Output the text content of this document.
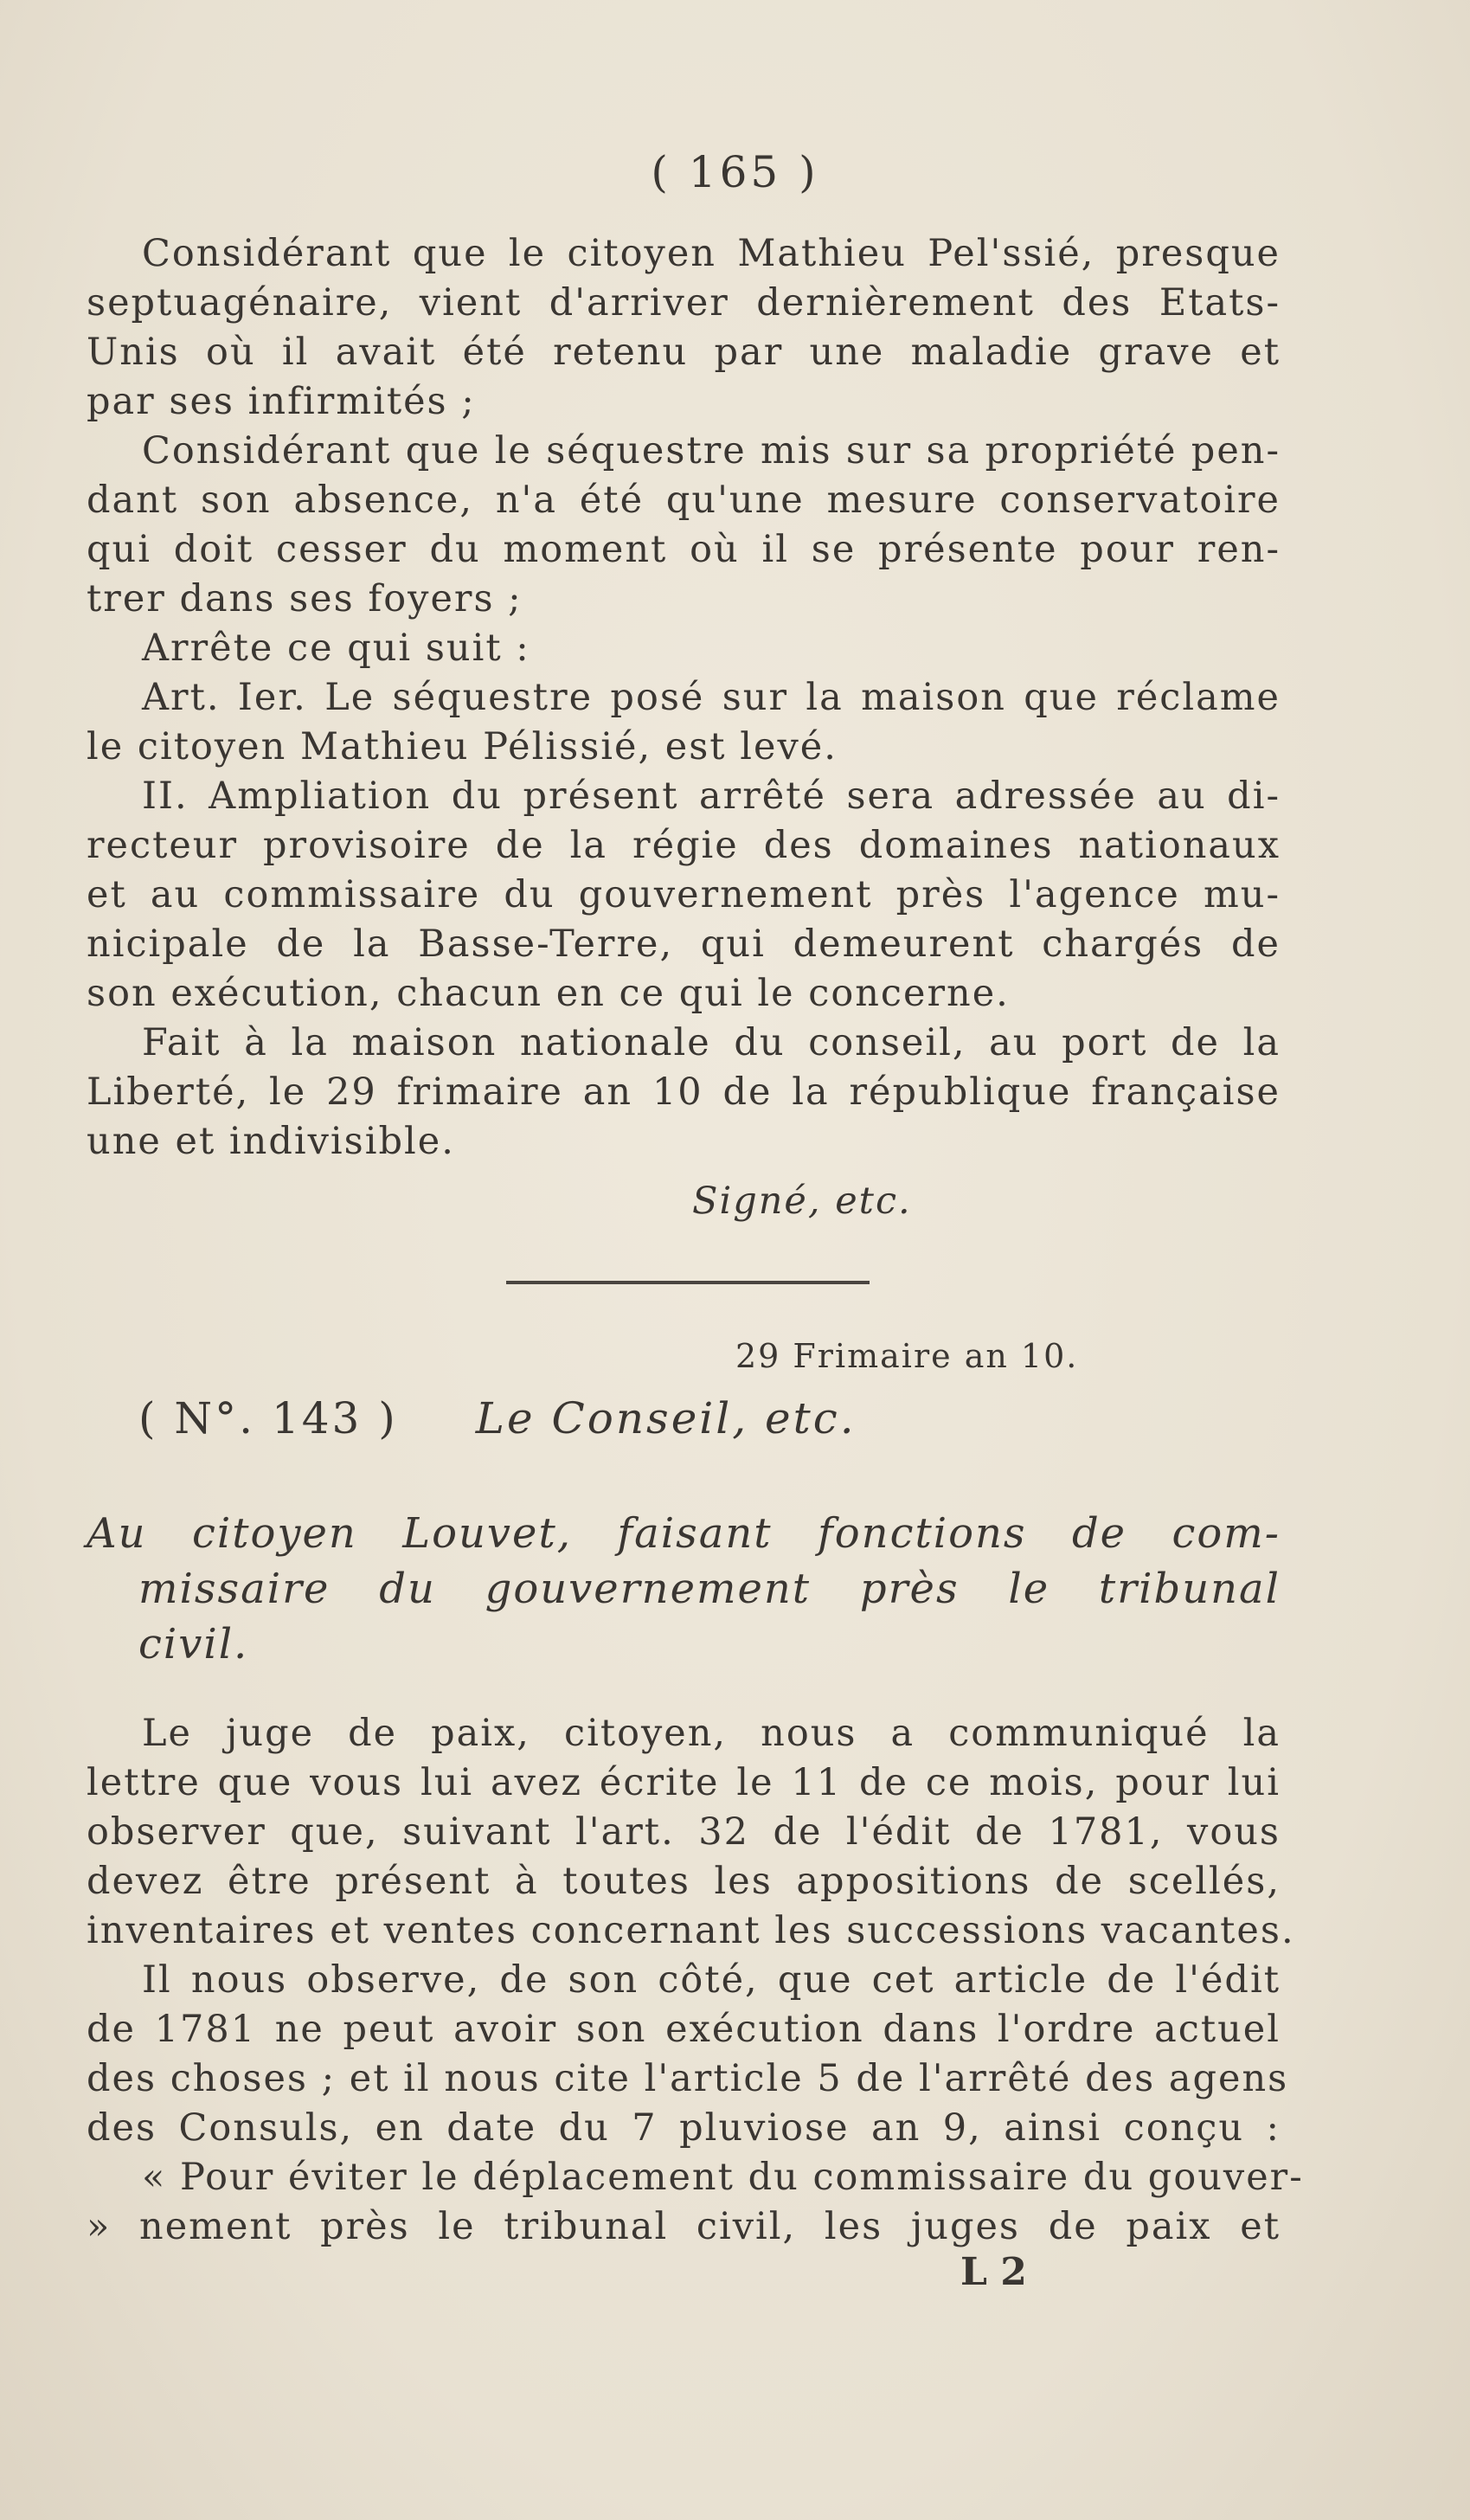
( 165 )
Considérant que le citoyen Mathieu Pel'ssié, presque
septuagénaire, vient d'arriver dernièrement des Etats-
Unis où il avait été retenu par une maladie grave et
par ses infirmités ;
Considérant que le séquestre mis sur sa propriété pen-
dant son absence, n'a été qu'une mesure conservatoire
qui doit cesser du moment où il se présente pour ren-
trer dans ses foyers ;
Arrête ce qui suit :
Art. Ier. Le séquestre posé sur la maison que réclame
le citoyen Mathieu Pélissié, est levé.
II. Ampliation du présent arrêté sera adressée au di-
recteur provisoire de la régie des domaines nationaux
et au commissaire du gouvernement près l'agence mu-
nicipale de la Basse-Terre, qui demeurent chargés de
son exécution, chacun en ce qui le concerne.
Fait à la maison nationale du conseil, au port de la
Liberté, le 29 frimaire an 10 de la république française
une et indivisible.
Signé, etc.
29 Frimaire an 10.
( N°. 143 ) Le Conseil, etc.
Au citoyen Louvet, faisant fonctions de com-
missaire du gouvernement près le tribunal
civil.
Le juge de paix, citoyen, nous a communiqué la
lettre que vous lui avez écrite le 11 de ce mois, pour lui
observer que, suivant l'art. 32 de l'édit de 1781, vous
devez être présent à toutes les appositions de scellés,
inventaires et ventes concernant les successions vacantes.
Il nous observe, de son côté, que cet article de l'édit
de 1781 ne peut avoir son exécution dans l'ordre actuel
des choses ; et il nous cite l'article 5 de l'arrêté des agens
des Consuls, en date du 7 pluviose an 9, ainsi conçu :
« Pour éviter le déplacement du commissaire du gouver-
» nement près le tribunal civil, les juges de paix et
L 2
